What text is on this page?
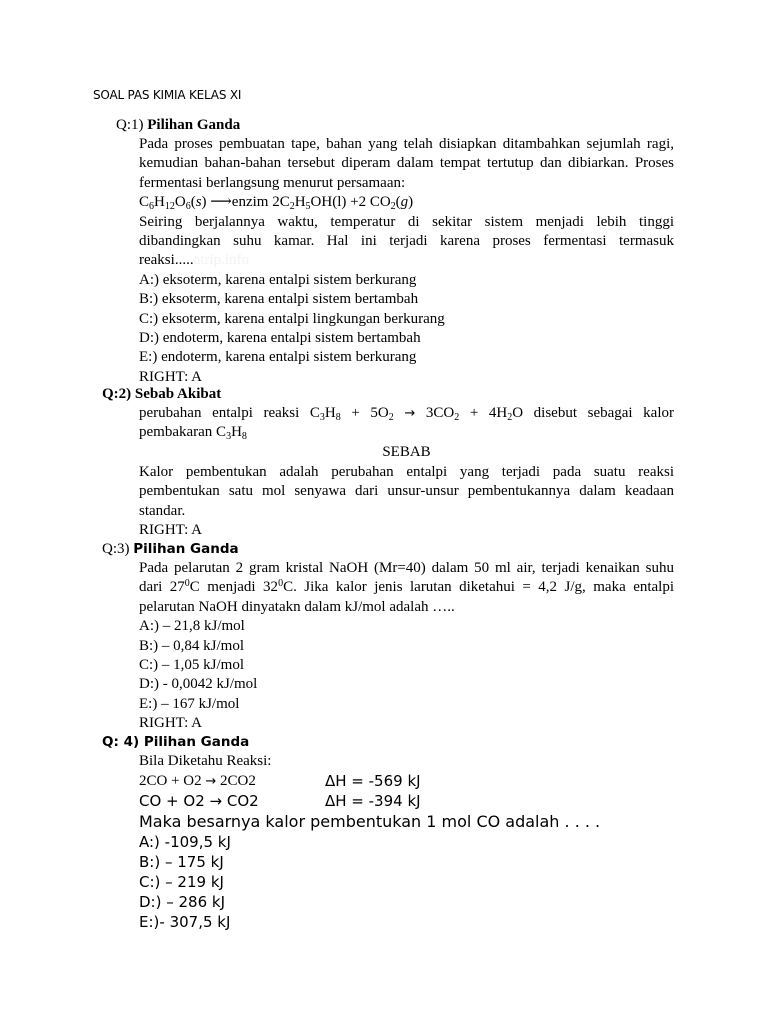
SOAL PAS KIMIA KELAS XI
Q:1) Pilihan Ganda
Pada proses pembuatan tape, bahan yang telah disiapkan ditambahkan sejumlah ragi,
kemudian bahan-bahan tersebut diperam dalam tempat tertutup dan dibiarkan. Proses
fermentasi berlangsung menurut persamaan:
$C_6H_{12}O_6(s)$ ⟶enzim $2C_2H_5OH(l) +2$ $CO_2(g)$
Seiring berjalannya waktu, temperatur di sekitar sistem menjadi lebih tinggi
dibandingkan suhu kamar. Hal ini terjadi karena proses fermentasi termasuk
reaksi.....atrip.info
A:) eksoterm, karena entalpi sistem berkurang
B:) eksoterm, karena entalpi sistem bertambah
C:) eksoterm, karena entalpi lingkungan berkurang
D:) endoterm, karena entalpi sistem bertambah
E:) endoterm, karena entalpi sistem berkurang
RIGHT: A
Q:2) Sebab Akibat
perubahan entalpi reaksi $C_3H_8 + 5O_2 \to 3CO_2 + 4H_2O$ disebut sebagai kalor
pembakaran $C_3H_8$
SEBAB
Kalor pembentukan adalah perubahan entalpi yang terjadi pada suatu reaksi
pembentukan satu mol senyawa dari unsur-unsur pembentukannya dalam keadaan
standar.
RIGHT: A
Q:3) Pilihan Ganda
Pada pelarutan 2 gram kristal NaOH (Mr=40) dalam 50 ml air, terjadi kenaikan suhu
dari $27^0C$ menjadi $32^0C$. Jika kalor jenis larutan diketahui = 4,2 J/g, maka entalpi
pelarutan NaOH dinyatakn dalam kJ/mol adalah …..
A:) – 21,8 kJ/mol
B:) – 0,84 kJ/mol
C:) – 1,05 kJ/mol
D:) - 0,0042 kJ/mol
E:) – 167 kJ/mol
RIGHT: A
Q: 4) Pilihan Ganda
Bila Diketahu Reaksi:
2CO + O2 → 2CO2	ΔH = -569 kJ
CO + O2 → CO2	ΔH = -394 kJ
Maka besarnya kalor pembentukan 1 mol CO adalah . . . .
A:) -109,5 kJ
B:) – 175 kJ
C:) – 219 kJ
D:) – 286 kJ
E:)- 307,5 kJ
